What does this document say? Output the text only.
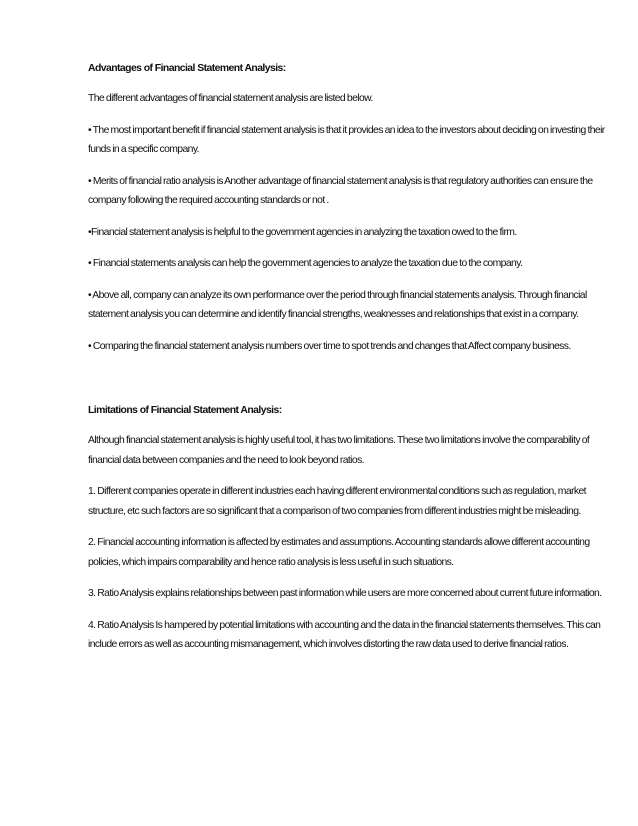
Advantages of Financial Statement Analysis:
The different advantages of financial statement analysis are listed below.
• The most important benefit if financial statement analysis is that it provides an idea to the investors about deciding on investing their funds in a specific company.
• Merits of financial ratio analysis is Another advantage of financial statement analysis is that regulatory authorities can ensure the company following the required accounting standards or not .
•Financial statement analysis is helpful to the government agencies in analyzing the taxation owed to the firm.
• Financial statements analysis can help the government agencies to analyze the taxation due to the company.
• Above all, company can analyze its own performance over the period through financial statements analysis. Through financial statement analysis you can determine and identify financial strengths, weaknesses and relationships that exist in a company.
• Comparing the financial statement analysis numbers over time to spot trends and changes that Affect company business.
Limitations of Financial Statement Analysis:
Although financial statement analysis is highly useful tool, it has two limitations. These two limitations involve the comparability of financial data between companies and the need to look beyond ratios.
1. Different companies operate in different industries each having different environmental conditions such as regulation, market structure, etc such factors are so significant that a comparison of two companies from different industries might be misleading.
2. Financial accounting information is affected by estimates and assumptions. Accounting standards allowe different accounting policies, which impairs comparability and hence ratio analysis is less useful in such situations.
3. Ratio Analysis explains relationships between past information while users are more concerned about current future information.
4. Ratio Analysis Is hampered by potential limitations with accounting and the data in the financial statements themselves. This can include errors as well as accounting mismanagement, which involves distorting the raw data used to derive financial ratios.
